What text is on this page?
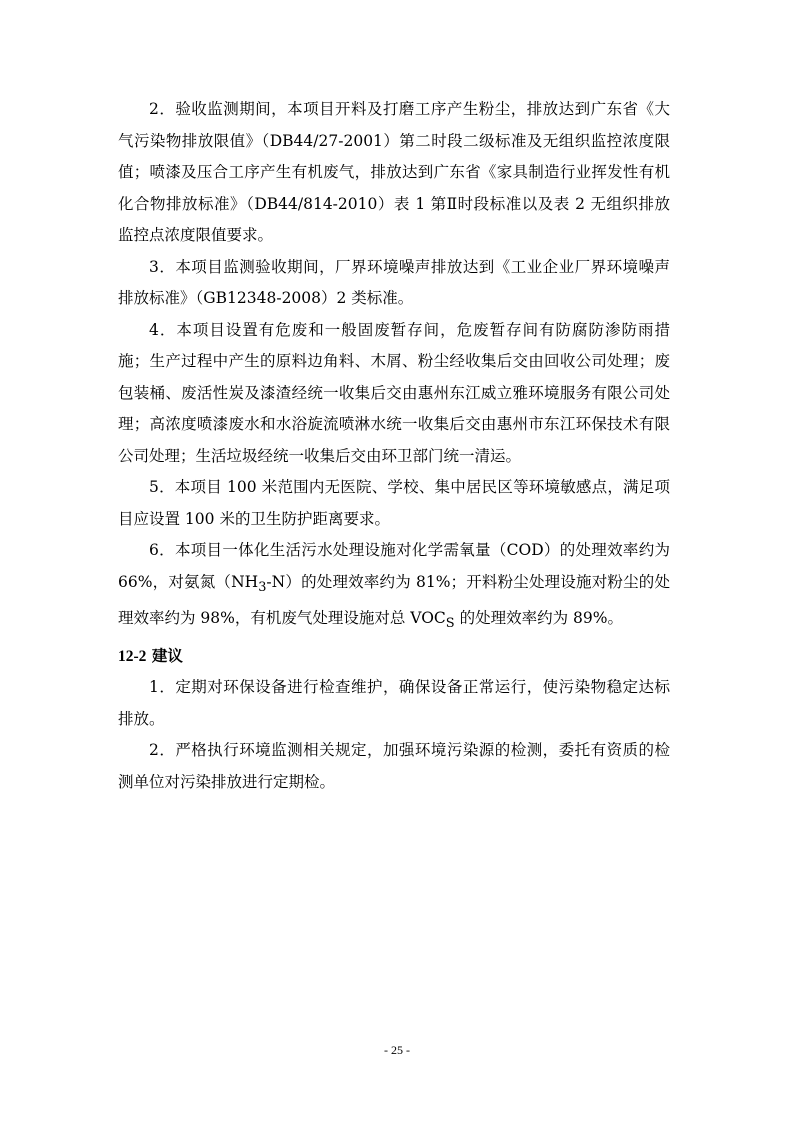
2．验收监测期间，本项目开料及打磨工序产生粉尘，排放达到广东省《大气污染物排放限值》（DB44/27-2001）第二时段二级标准及无组织监控浓度限值；喷漆及压合工序产生有机废气，排放达到广东省《家具制造行业挥发性有机化合物排放标准》（DB44/814-2010）表 1 第Ⅱ时段标准以及表 2 无组织排放监控点浓度限值要求。

3．本项目监测验收期间，厂界环境噪声排放达到《工业企业厂界环境噪声排放标准》（GB12348-2008）2 类标准。

4．本项目设置有危废和一般固废暂存间，危废暂存间有防腐防渗防雨措施；生产过程中产生的原料边角料、木屑、粉尘经收集后交由回收公司处理；废包装桶、废活性炭及漆渣经统一收集后交由惠州东江威立雅环境服务有限公司处理；高浓度喷漆废水和水浴旋流喷淋水统一收集后交由惠州市东江环保技术有限公司处理；生活垃圾经统一收集后交由环卫部门统一清运。

5．本项目 100 米范围内无医院、学校、集中居民区等环境敏感点，满足项目应设置 100 米的卫生防护距离要求。

6．本项目一体化生活污水处理设施对化学需氧量（COD）的处理效率约为 66%，对氨氮$(NH_3-N)$的处理效率约为 81%；开料粉尘处理设施对粉尘的处理效率约为 98%，有机废气处理设施对总 $VOC_S$ 的处理效率约为 89%。

12-2 建议

1．定期对环保设备进行检查维护，确保设备正常运行，使污染物稳定达标排放。

2．严格执行环境监测相关规定，加强环境污染源的检测，委托有资质的检测单位对污染排放进行定期检。

- 25 -
